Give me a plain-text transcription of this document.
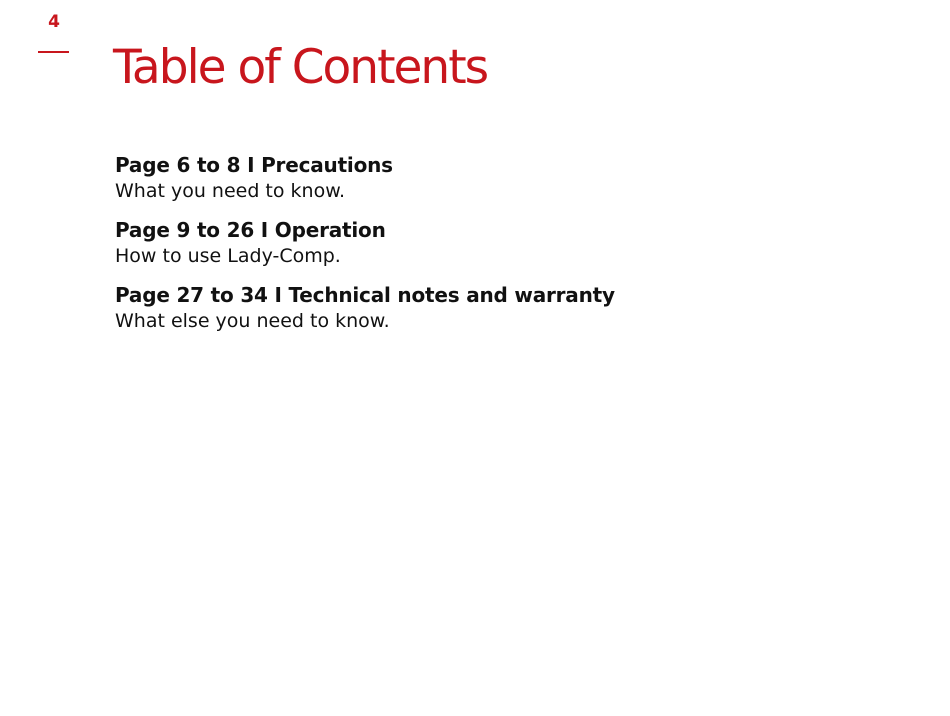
4
Table of Contents
Page 6 to 8 I Precautions
What you need to know.
Page 9 to 26 I Operation
How to use Lady-Comp.
Page 27 to 34 I Technical notes and warranty
What else you need to know.
